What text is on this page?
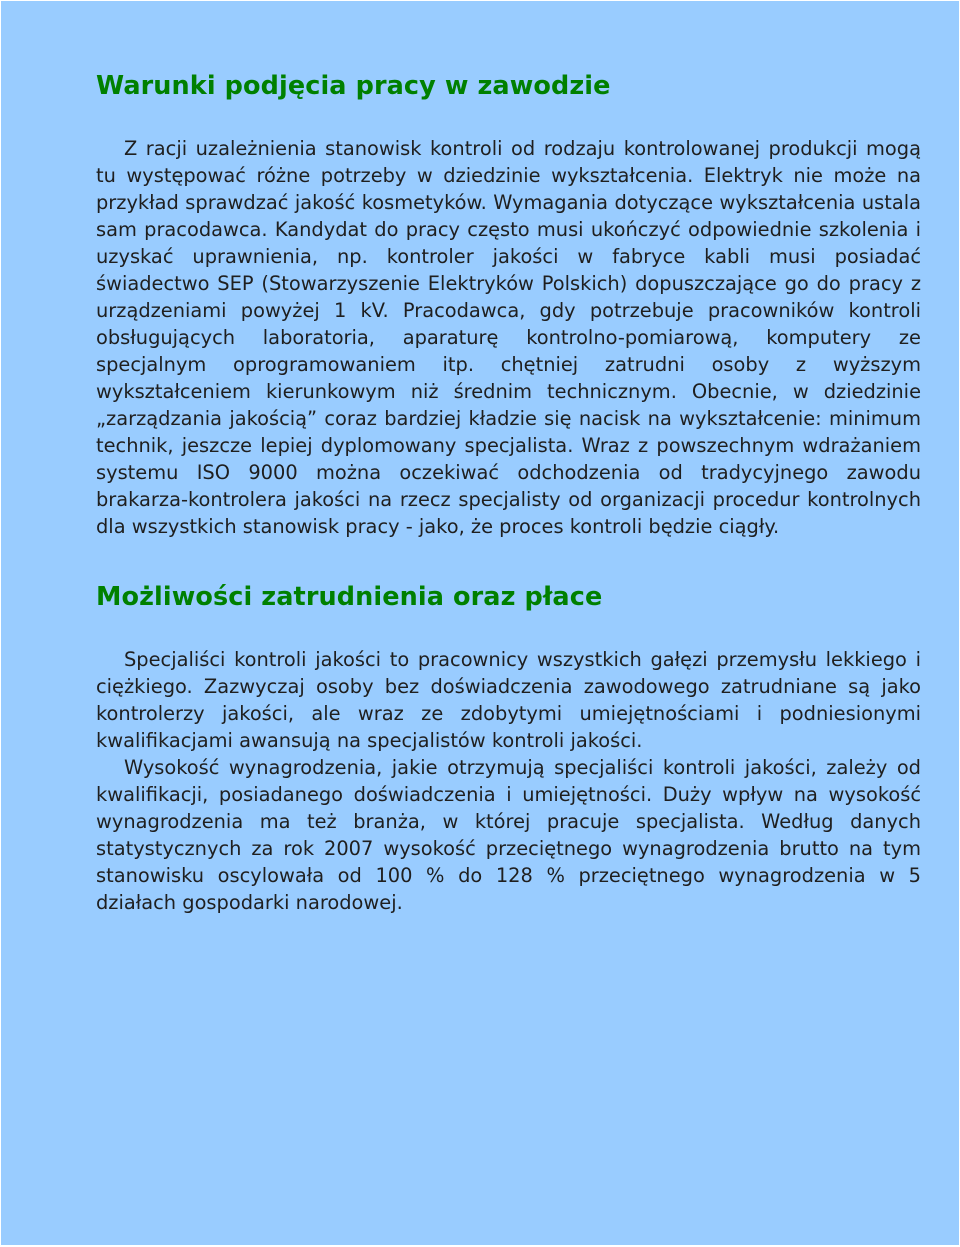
Warunki podjęcia pracy w zawodzie

Z racji uzależnienia stanowisk kontroli od rodzaju kontrolowanej produkcji mogą tu występować różne potrzeby w dziedzinie wykształcenia. Elektryk nie może na przykład sprawdzać jakość kosmetyków. Wymagania dotyczące wykształcenia ustala sam pracodawca. Kandydat do pracy często musi ukończyć odpowiednie szkolenia i uzyskać uprawnienia, np. kontroler jakości w fabryce kabli musi posiadać świadectwo SEP (Stowarzyszenie Elektryków Polskich) dopuszczające go do pracy z urządzeniami powyżej 1 kV. Pracodawca, gdy potrzebuje pracowników kontroli obsługujących laboratoria, aparaturę kontrolno-pomiarową, komputery ze specjalnym oprogramowaniem itp. chętniej zatrudni osoby z wyższym wykształceniem kierunkowym niż średnim technicznym. Obecnie, w dziedzinie „zarządzania jakością” coraz bardziej kładzie się nacisk na wykształcenie: minimum technik, jeszcze lepiej dyplomowany specjalista. Wraz z powszechnym wdrażaniem systemu ISO 9000 można oczekiwać odchodzenia od tradycyjnego zawodu brakarza-kontrolera jakości na rzecz specjalisty od organizacji procedur kontrolnych dla wszystkich stanowisk pracy - jako, że proces kontroli będzie ciągły.

Możliwości zatrudnienia oraz płace

Specjaliści kontroli jakości to pracownicy wszystkich gałęzi przemysłu lekkiego i ciężkiego. Zazwyczaj osoby bez doświadczenia zawodowego zatrudniane są jako kontrolerzy jakości, ale wraz ze zdobytymi umiejętnościami i podniesionymi kwalifikacjami awansują na specjalistów kontroli jakości.

Wysokość wynagrodzenia, jakie otrzymują specjaliści kontroli jakości, zależy od kwalifikacji, posiadanego doświadczenia i umiejętności. Duży wpływ na wysokość wynagrodzenia ma też branża, w której pracuje specjalista. Według danych statystycznych za rok 2007 wysokość przeciętnego wynagrodzenia brutto na tym stanowisku oscylowała od 100 % do 128 % przeciętnego wynagrodzenia w 5 działach gospodarki narodowej.
